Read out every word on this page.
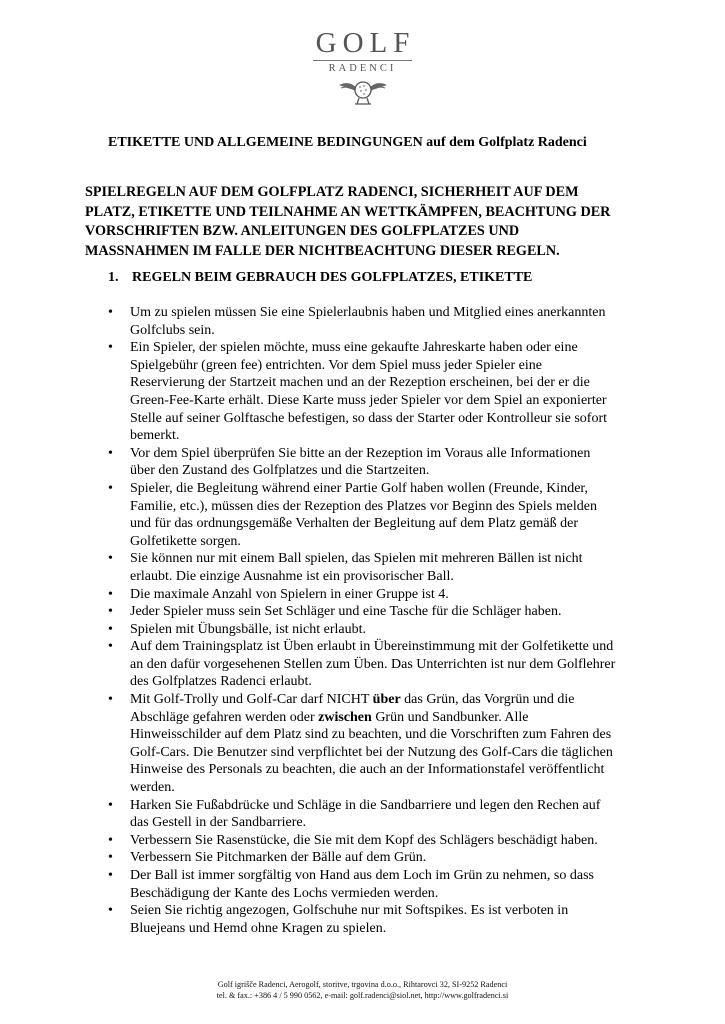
GOLF
RADENCI
ETIKETTE UND ALLGEMEINE BEDINGUNGEN auf dem Golfplatz Radenci
SPIELREGELN AUF DEM GOLFPLATZ RADENCI, SICHERHEIT AUF DEM
PLATZ, ETIKETTE UND TEILNAHME AN WETTKÄMPFEN, BEACHTUNG DER
VORSCHRIFTEN BZW. ANLEITUNGEN DES GOLFPLATZES UND
MASSNAHMEN IM FALLE DER NICHTBEACHTUNG DIESER REGELN.
1. REGELN BEIM GEBRAUCH DES GOLFPLATZES, ETIKETTE
• Um zu spielen müssen Sie eine Spielerlaubnis haben und Mitglied eines anerkannten
Golfclubs sein.
• Ein Spieler, der spielen möchte, muss eine gekaufte Jahreskarte haben oder eine
Spielgebühr (green fee) entrichten. Vor dem Spiel muss jeder Spieler eine
Reservierung der Startzeit machen und an der Rezeption erscheinen, bei der er die
Green-Fee-Karte erhält. Diese Karte muss jeder Spieler vor dem Spiel an exponierter
Stelle auf seiner Golftasche befestigen, so dass der Starter oder Kontrolleur sie sofort
bemerkt.
• Vor dem Spiel überprüfen Sie bitte an der Rezeption im Voraus alle Informationen
über den Zustand des Golfplatzes und die Startzeiten.
• Spieler, die Begleitung während einer Partie Golf haben wollen (Freunde, Kinder,
Familie, etc.), müssen dies der Rezeption des Platzes vor Beginn des Spiels melden
und für das ordnungsgemäße Verhalten der Begleitung auf dem Platz gemäß der
Golfetikette sorgen.
• Sie können nur mit einem Ball spielen, das Spielen mit mehreren Bällen ist nicht
erlaubt. Die einzige Ausnahme ist ein provisorischer Ball.
• Die maximale Anzahl von Spielern in einer Gruppe ist 4.
• Jeder Spieler muss sein Set Schläger und eine Tasche für die Schläger haben.
• Spielen mit Übungsbälle, ist nicht erlaubt.
• Auf dem Trainingsplatz ist Üben erlaubt in Übereinstimmung mit der Golfetikette und
an den dafür vorgesehenen Stellen zum Üben. Das Unterrichten ist nur dem Golflehrer
des Golfplatzes Radenci erlaubt.
• Mit Golf-Trolly und Golf-Car darf NICHT über das Grün, das Vorgrün und die
Abschläge gefahren werden oder zwischen Grün und Sandbunker. Alle
Hinweisschilder auf dem Platz sind zu beachten, und die Vorschriften zum Fahren des
Golf-Cars. Die Benutzer sind verpflichtet bei der Nutzung des Golf-Cars die täglichen
Hinweise des Personals zu beachten, die auch an der Informationstafel veröffentlicht
werden.
• Harken Sie Fußabdrücke und Schläge in die Sandbarriere und legen den Rechen auf
das Gestell in der Sandbarriere.
• Verbessern Sie Rasenstücke, die Sie mit dem Kopf des Schlägers beschädigt haben.
• Verbessern Sie Pitchmarken der Bälle auf dem Grün.
• Der Ball ist immer sorgfältig von Hand aus dem Loch im Grün zu nehmen, so dass
Beschädigung der Kante des Lochs vermieden werden.
• Seien Sie richtig angezogen, Golfschuhe nur mit Softspikes. Es ist verboten in
Bluejeans und Hemd ohne Kragen zu spielen.
Golf igrišče Radenci, Aerogolf, storitve, trgovina d.o.o., Rihtarovci 32, SI-9252 Radenci
tel. & fax.: +386 4 / 5 990 0562, e-mail: golf.radenci@siol.net, http://www.golfradenci.si
